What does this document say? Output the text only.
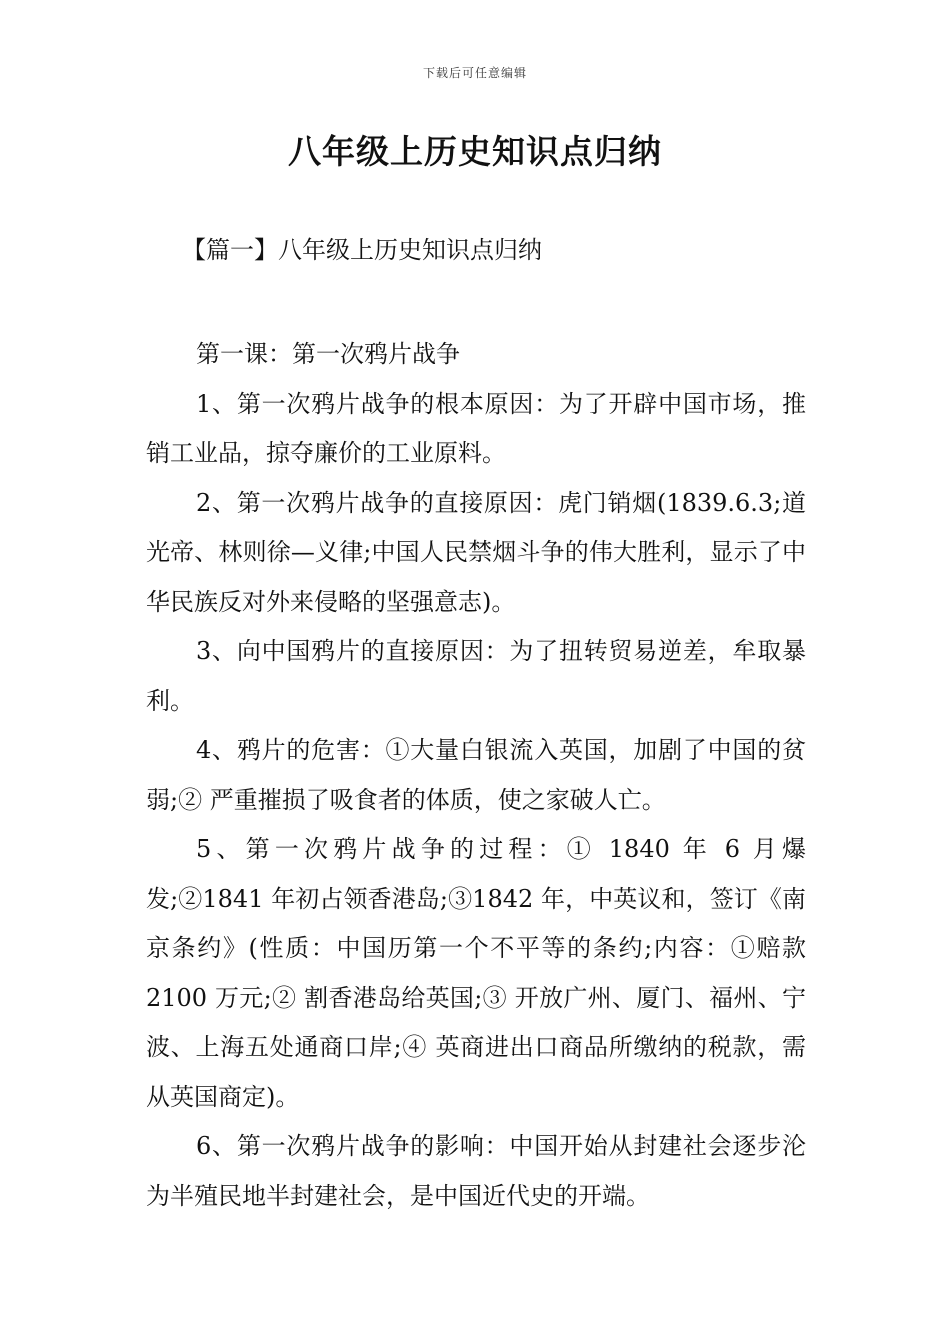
下载后可任意编辑
八年级上历史知识点归纳
【篇一】八年级上历史知识点归纳

第一课：第一次鸦片战争

1、第一次鸦片战争的根本原因：为了开辟中国市场，推销工业品，掠夺廉价的工业原料。

2、第一次鸦片战争的直接原因：虎门销烟(1839.6.3;道光帝、林则徐—义律;中国人民禁烟斗争的伟大胜利，显示了中华民族反对外来侵略的坚强意志)。

3、向中国鸦片的直接原因：为了扭转贸易逆差，牟取暴利。

4、鸦片的危害：①大量白银流入英国，加剧了中国的贫弱;② 严重摧损了吸食者的体质，使之家破人亡。

5、第一次鸦片战争的过程：① 1840 年 6 月爆发;②1841 年初占领香港岛;③1842 年，中英议和，签订《南京条约》(性质：中国历第一个不平等的条约;内容：①赔款 2100 万元;② 割香港岛给英国;③ 开放广州、厦门、福州、宁波、上海五处通商口岸;④ 英商进出口商品所缴纳的税款，需从英国商定)。

6、第一次鸦片战争的影响：中国开始从封建社会逐步沦为半殖民地半封建社会，是中国近代史的开端。
